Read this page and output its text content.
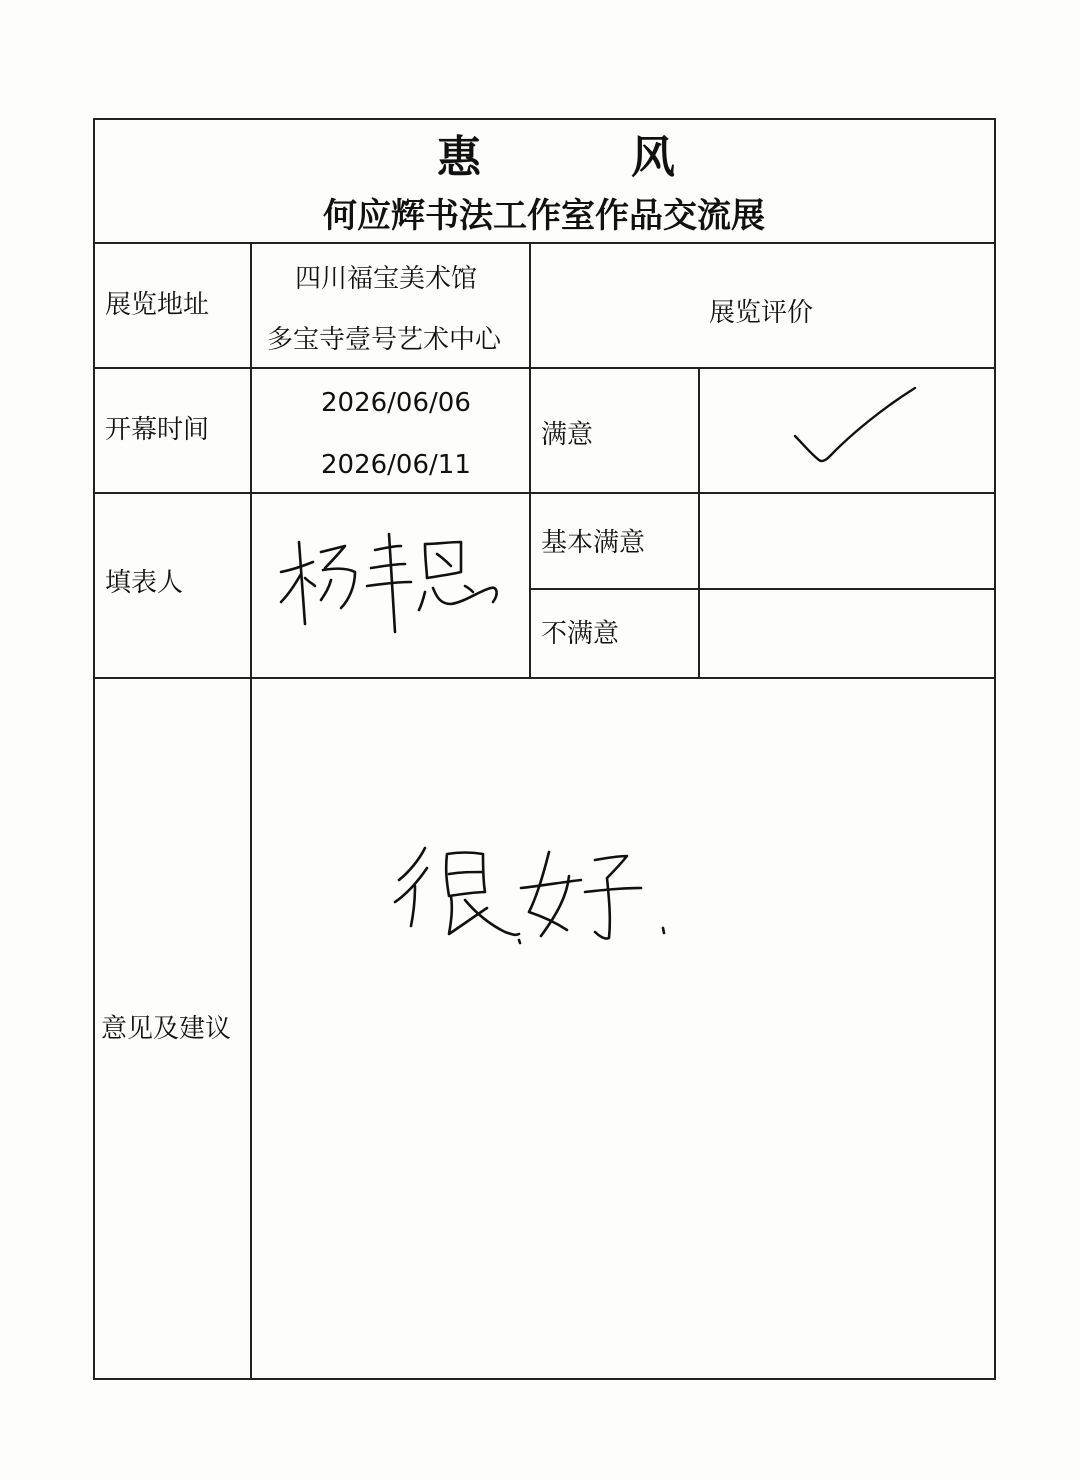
惠	风
何应辉书法工作室作品交流展
展览地址
四川福宝美术馆
多宝寺壹号艺术中心
展览评价
开幕时间
2026/06/06
2026/06/11
满意
填表人
基本满意
不满意
意见及建议
